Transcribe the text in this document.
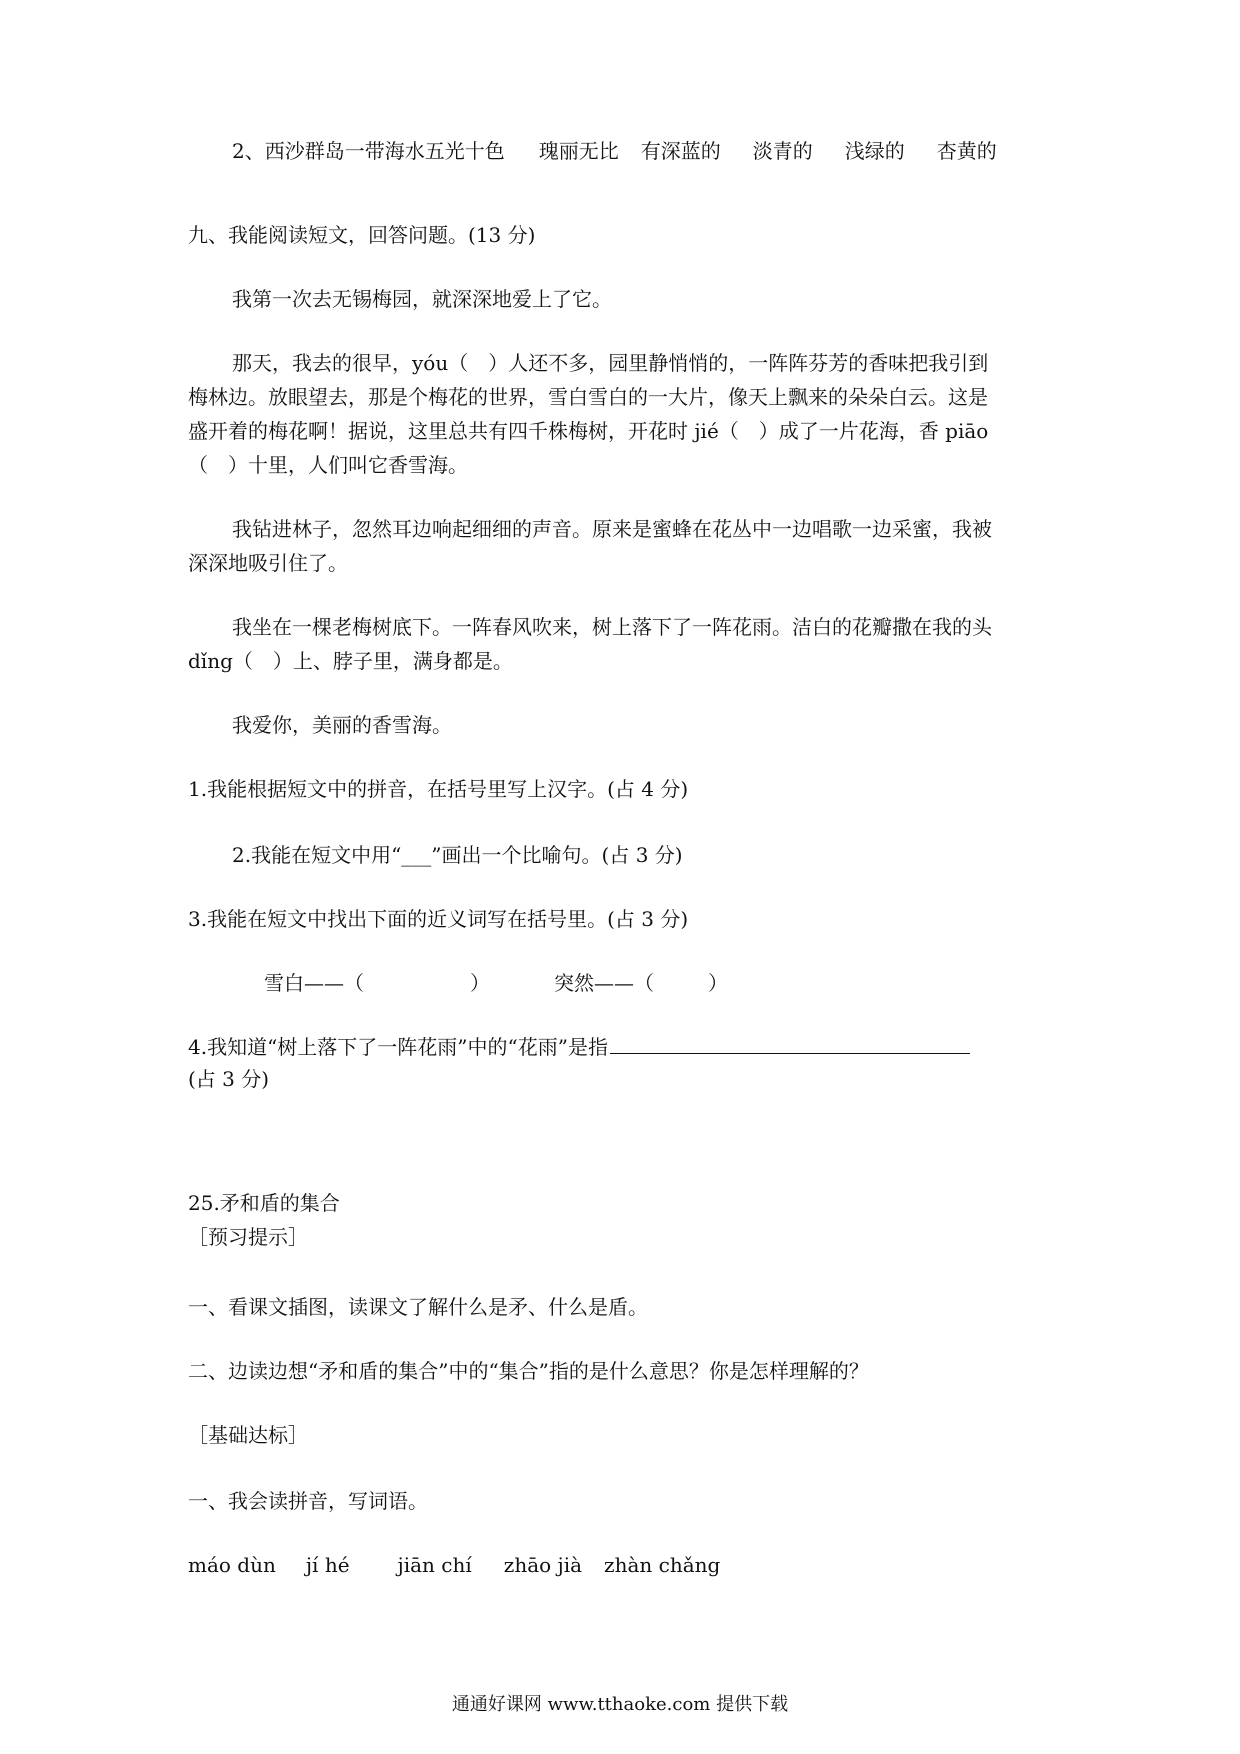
2、西沙群岛一带海水五光十色 瑰丽无比 有深蓝的 淡青的 浅绿的 杏黄的
九、我能阅读短文，回答问题。(13 分)
我第一次去无锡梅园，就深深地爱上了它。
那天，我去的很早，yóu（　）人还不多，园里静悄悄的，一阵阵芬芳的香味把我引到
梅林边。放眼望去，那是个梅花的世界，雪白雪白的一大片，像天上飘来的朵朵白云。这是
盛开着的梅花啊！据说，这里总共有四千株梅树，开花时 jié（　）成了一片花海，香 piāo
（　）十里，人们叫它香雪海。
我钻进林子，忽然耳边响起细细的声音。原来是蜜蜂在花丛中一边唱歌一边采蜜，我被
深深地吸引住了。
我坐在一棵老梅树底下。一阵春风吹来，树上落下了一阵花雨。洁白的花瓣撒在我的头
dǐng（　）上、脖子里，满身都是。
我爱你，美丽的香雪海。
1.我能根据短文中的拼音，在括号里写上汉字。(占 4 分)
2.我能在短文中用“___”画出一个比喻句。(占 3 分)
3.我能在短文中找出下面的近义词写在括号里。(占 3 分)
雪白——（	）	突然——（	）
4.我知道“树上落下了一阵花雨”中的“花雨”是指
(占 3 分)
25.矛和盾的集合
［预习提示］
一、看课文插图，读课文了解什么是矛、什么是盾。
二、边读边想“矛和盾的集合”中的“集合”指的是什么意思？你是怎样理解的？
［基础达标］
一、我会读拼音，写词语。
máo dùn jí hé jiān chí zhāo jià zhàn chǎng
通通好课网 www.tthaoke.com 提供下载
